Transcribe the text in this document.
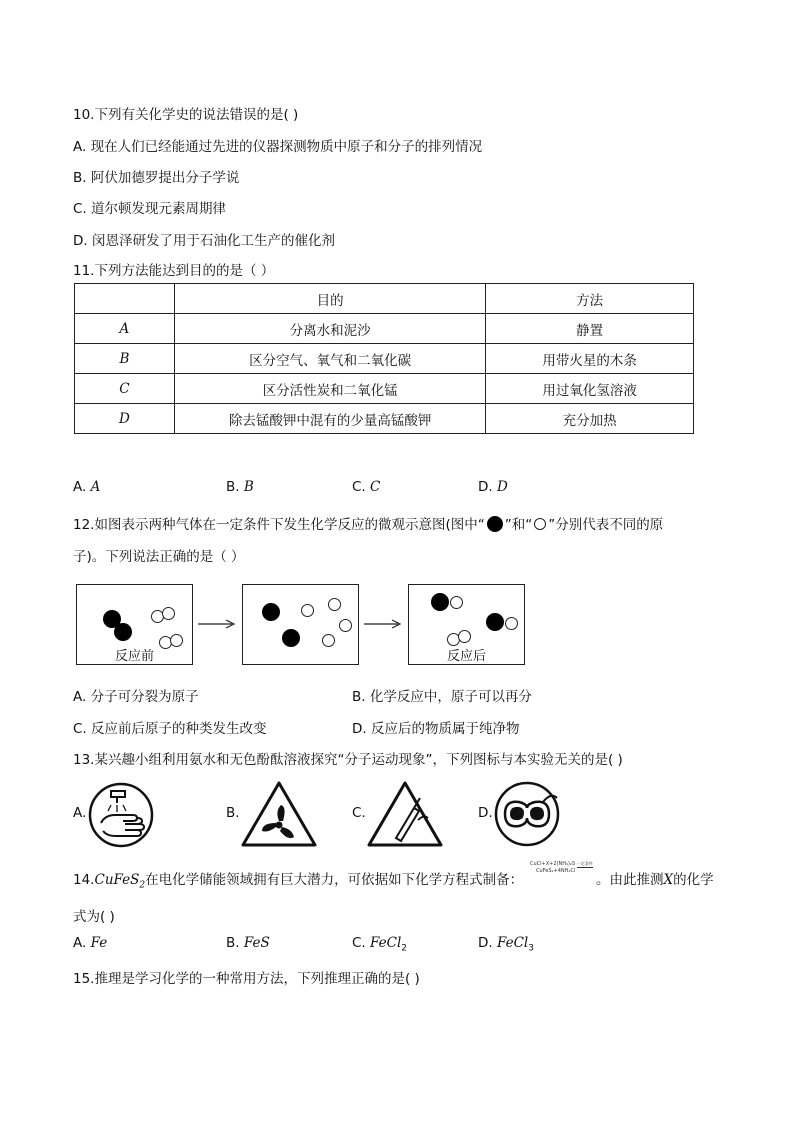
10.下列有关化学史的说法错误的是( )
A. 现在人们已经能通过先进的仪器探测物质中原子和分子的排列情况
B. 阿伏加德罗提出分子学说
C. 道尔顿发现元素周期律
D. 闵恩泽研发了用于石油化工生产的催化剂
11.下列方法能达到目的的是（ ）
	目的	方法
A	分离水和泥沙	静置
B	区分空气、氧气和二氧化碳	用带火星的木条
C	区分活性炭和二氧化锰	用过氧化氢溶液
D	除去锰酸钾中混有的少量高锰酸钾	充分加热
A. A	B. B	C. C	D. D
12.如图表示两种气体在一定条件下发生化学反应的微观示意图(图中“ ”和“ ”分别代表不同的原
子)。下列说法正确的是（ ）
反应前	反应后
A. 分子可分裂为原子	B. 化学反应中，原子可以再分
C. 反应前后原子的种类发生改变	D. 反应后的物质属于纯净物
13.某兴趣小组利用氨水和无色酚酞溶液探究“分子运动现象”，下列图标与本实验无关的是( )
A.	B.	C.	D.
14.CuFeS$_2$在电化学储能领域拥有巨大潜力，可依据如下化学方程式制备：
CuCl+X+2(NH₄)₂S 一定条件
CuFeS₂+4NH₄Cl
。由此推测X的化学
式为( )
A. Fe	B. FeS	C. FeCl$_2$	D. FeCl$_3$
15.推理是学习化学的一种常用方法，下列推理正确的是( )
